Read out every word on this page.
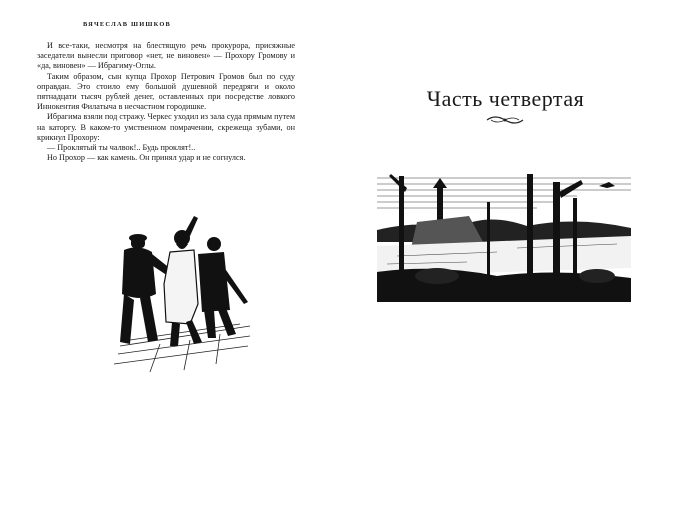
ВЯЧЕСЛАВ ШИШКОВ

И все-таки, несмотря на блестящую речь прокурора, присяжные заседатели вынесли приговор «нет, не виновен» — Прохору Громову и «да, виновен» — Ибрагиму-Оглы.

Таким образом, сын купца Прохор Петрович Громов был по суду оправдан. Это стоило ему большой душевной передряги и около пятнадцати тысяч рублей денег, оставленных при посредстве ловкого Иннокентия Филатыча в несчастном городишке.

Ибрагима взяли под стражу. Черкес уходил из зала суда прямым путем на каторгу. В каком-то умственном помрачении, скрежеща зубами, он крикнул Прохору:

— Проклятый ты чалвок!.. Будь проклят!..

Но Прохор — как камень. Он принял удар и не согнулся.

Часть четвертая
